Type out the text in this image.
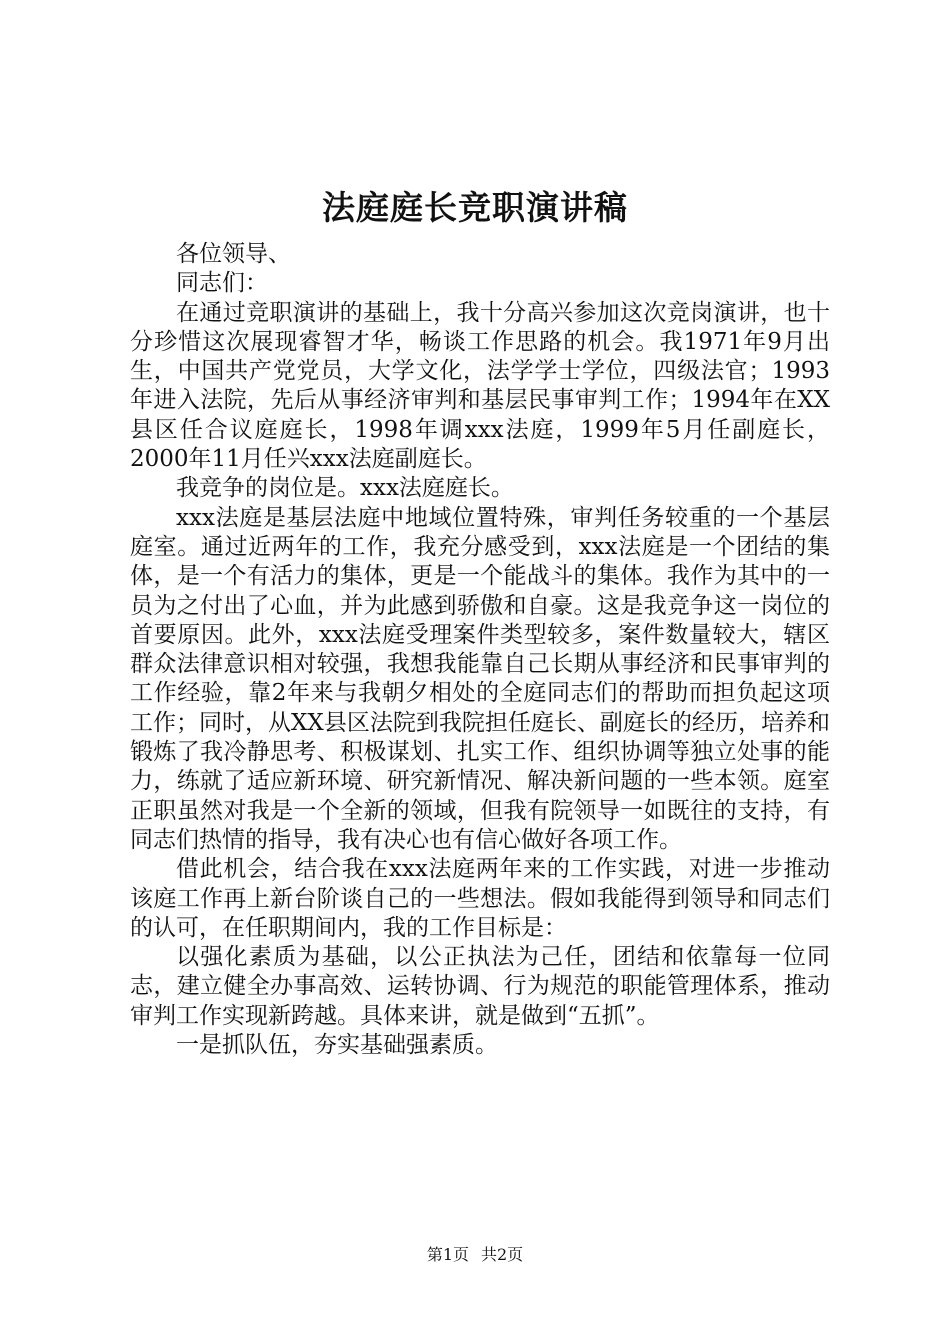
法庭庭长竞职演讲稿

各位领导、

同志们：

在通过竞职演讲的基础上，我十分高兴参加这次竞岗演讲，也十分珍惜这次展现睿智才华，畅谈工作思路的机会。我1971年9月出生，中国共产党党员，大学文化，法学学士学位，四级法官；1993年进入法院，先后从事经济审判和基层民事审判工作；1994年在XX县区任合议庭庭长，1998年调xxx法庭，1999年5月任副庭长，2000年11月任兴xxx法庭副庭长。

我竞争的岗位是。xxx法庭庭长。

xxx法庭是基层法庭中地域位置特殊，审判任务较重的一个基层庭室。通过近两年的工作，我充分感受到，xxx法庭是一个团结的集体，是一个有活力的集体，更是一个能战斗的集体。我作为其中的一员为之付出了心血，并为此感到骄傲和自豪。这是我竞争这一岗位的首要原因。此外，xxx法庭受理案件类型较多，案件数量较大，辖区群众法律意识相对较强，我想我能靠自己长期从事经济和民事审判的工作经验，靠2年来与我朝夕相处的全庭同志们的帮助而担负起这项工作；同时，从XX县区法院到我院担任庭长、副庭长的经历，培养和锻炼了我冷静思考、积极谋划、扎实工作、组织协调等独立处事的能力，练就了适应新环境、研究新情况、解决新问题的一些本领。庭室正职虽然对我是一个全新的领域，但我有院领导一如既往的支持，有同志们热情的指导，我有决心也有信心做好各项工作。

借此机会，结合我在xxx法庭两年来的工作实践，对进一步推动该庭工作再上新台阶谈自己的一些想法。假如我能得到领导和同志们的认可，在任职期间内，我的工作目标是：

以强化素质为基础，以公正执法为己任，团结和依靠每一位同志，建立健全办事高效、运转协调、行为规范的职能管理体系，推动审判工作实现新跨越。具体来讲，就是做到“五抓”。

一是抓队伍，夯实基础强素质。

第1页 共2页
